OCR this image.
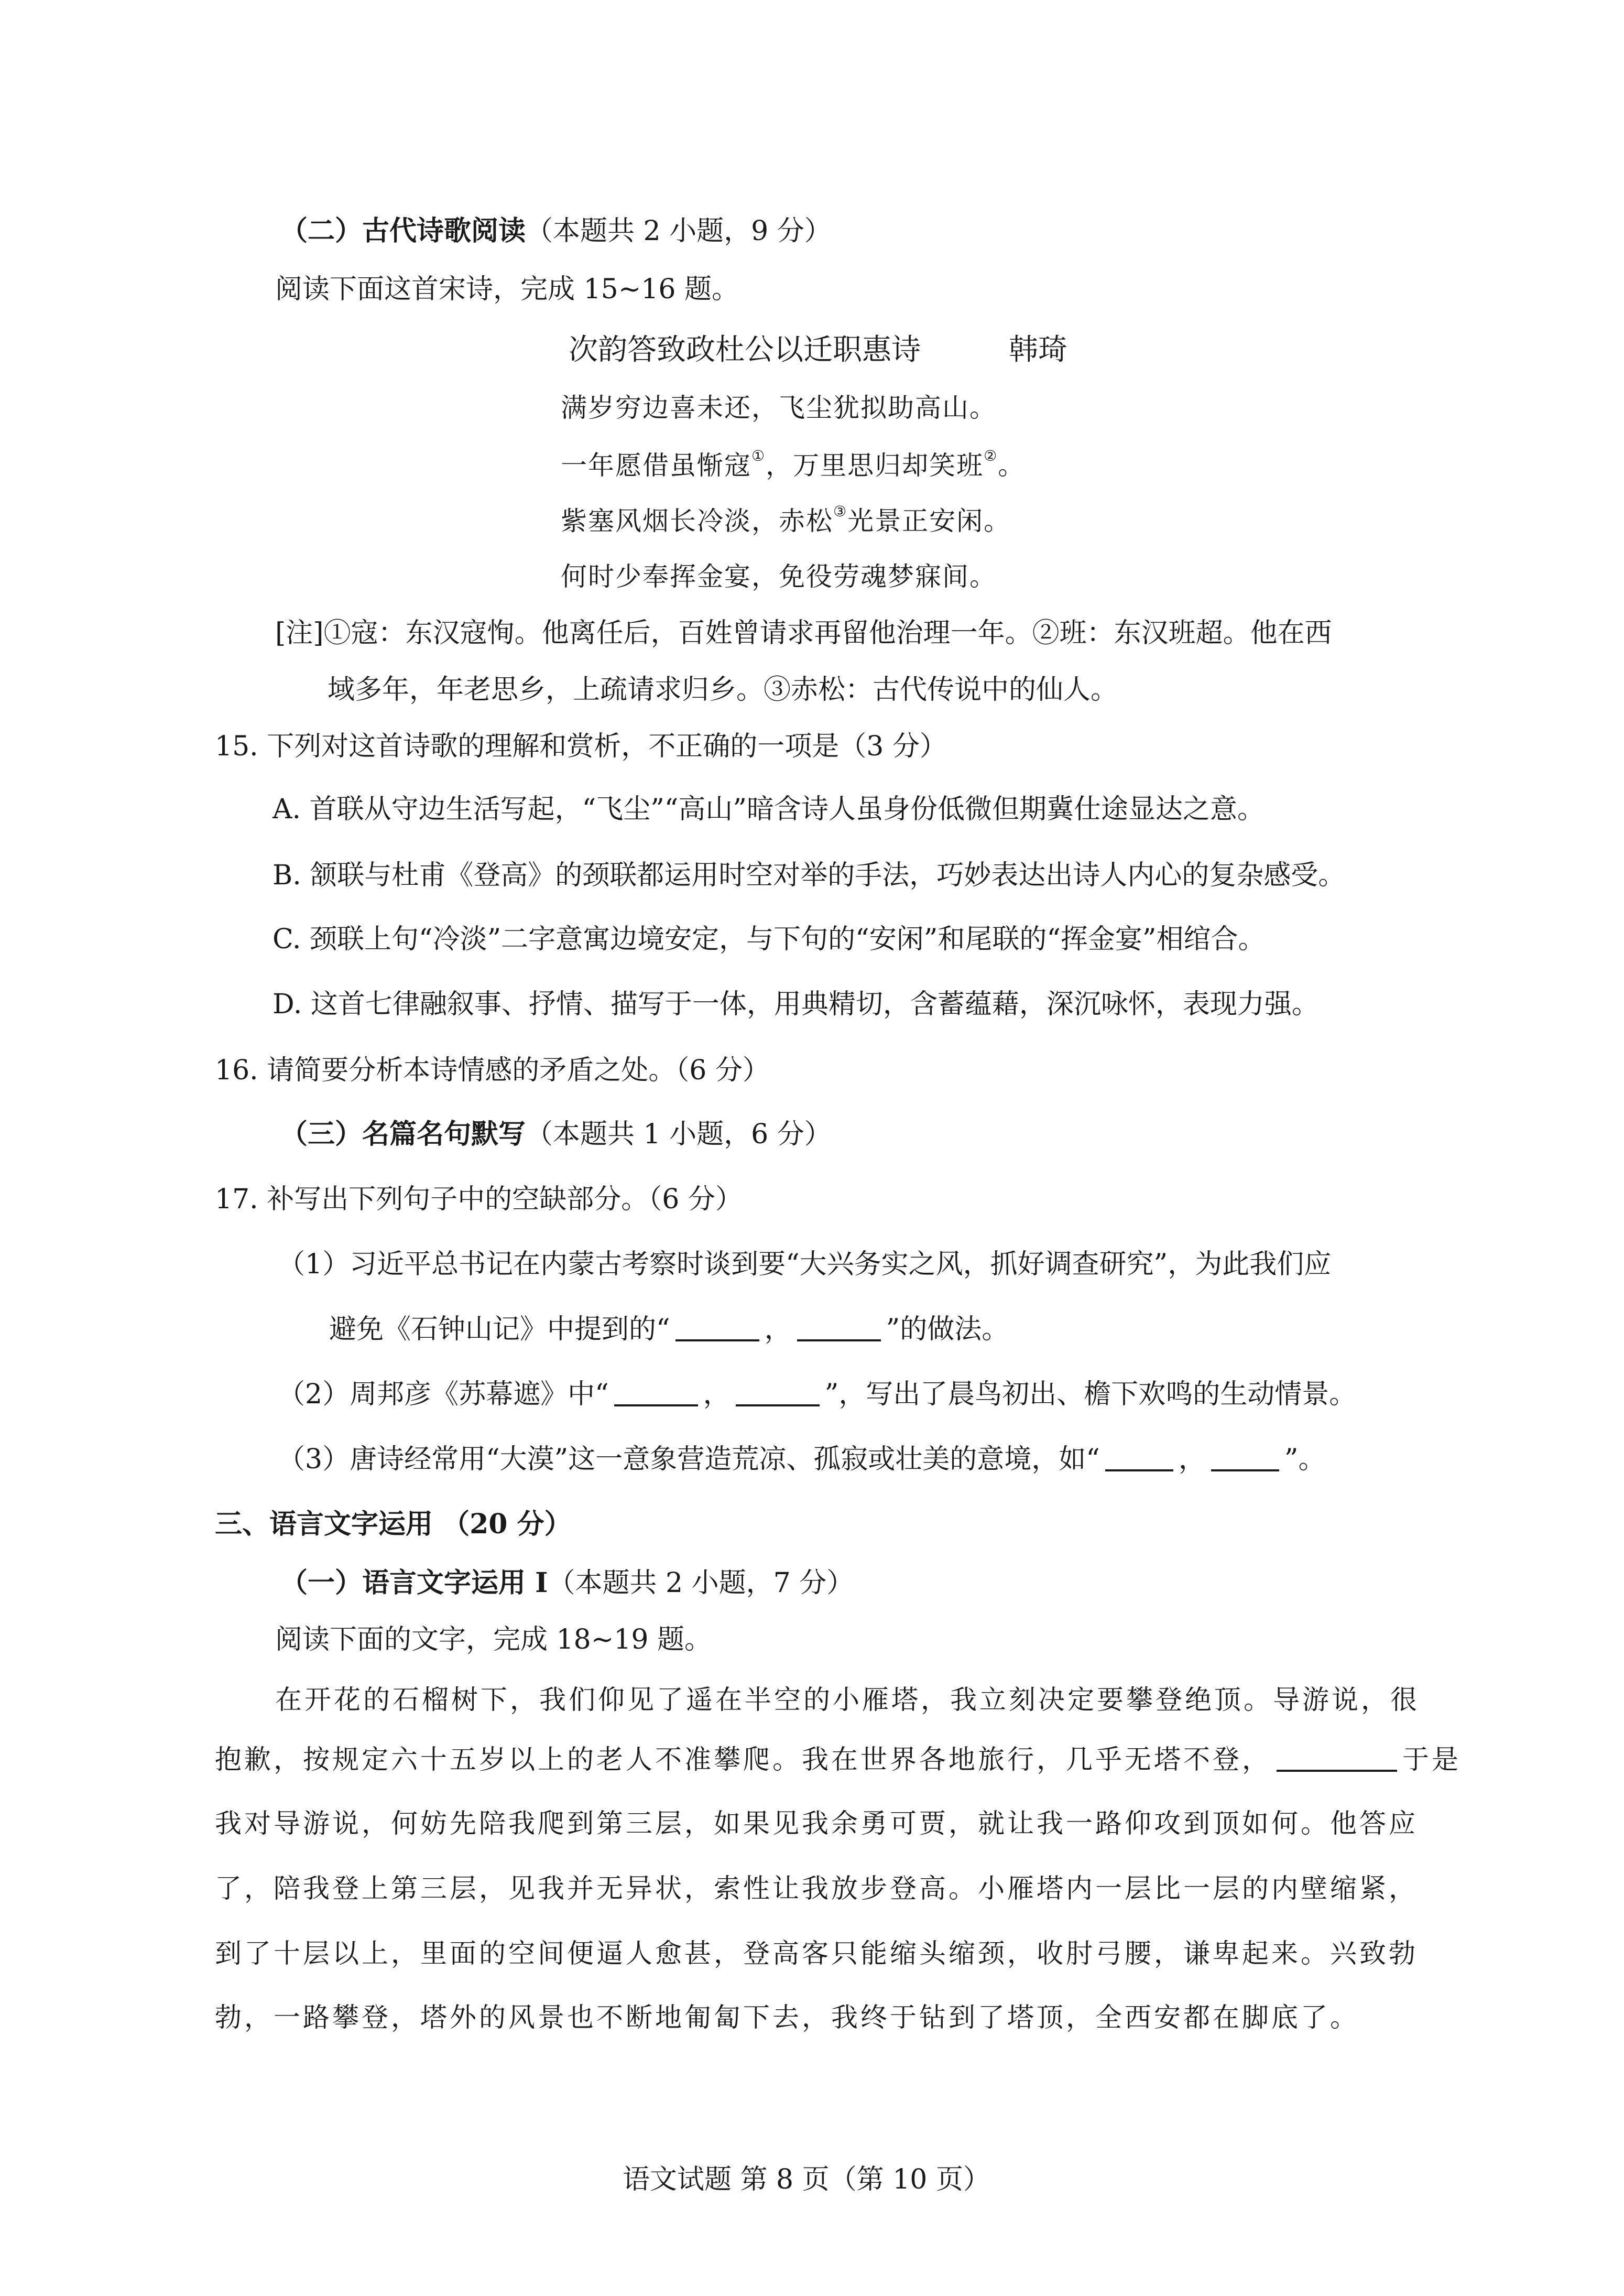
（二）古代诗歌阅读（本题共 2 小题，9 分）
阅读下面这首宋诗，完成 15~16 题。
次韵答致政杜公以迁职惠诗	韩琦
满岁穷边喜未还，飞尘犹拟助高山。
一年愿借虽惭寇①，万里思归却笑班②。
紫塞风烟长冷淡，赤松③光景正安闲。
何时少奉挥金宴，免役劳魂梦寐间。
[注]①寇：东汉寇恂。他离任后，百姓曾请求再留他治理一年。②班：东汉班超。他在西
域多年，年老思乡，上疏请求归乡。③赤松：古代传说中的仙人。
15. 下列对这首诗歌的理解和赏析，不正确的一项是（3 分）
A. 首联从守边生活写起，“飞尘”“高山”暗含诗人虽身份低微但期冀仕途显达之意。
B. 颔联与杜甫《登高》的颈联都运用时空对举的手法，巧妙表达出诗人内心的复杂感受。
C. 颈联上句“冷淡”二字意寓边境安定，与下句的“安闲”和尾联的“挥金宴”相绾合。
D. 这首七律融叙事、抒情、描写于一体，用典精切，含蓄蕴藉，深沉咏怀，表现力强。
16. 请简要分析本诗情感的矛盾之处。（6 分）
（三）名篇名句默写（本题共 1 小题，6 分）
17. 补写出下列句子中的空缺部分。（6 分）
（1）习近平总书记在内蒙古考察时谈到要“大兴务实之风，抓好调查研究”，为此我们应
避免《石钟山记》中提到的“	，	”的做法。
（2）周邦彦《苏幕遮》中“	，	”，写出了晨鸟初出、檐下欢鸣的生动情景。
（3）唐诗经常用“大漠”这一意象营造荒凉、孤寂或壮美的意境，如“	，	”。
三、语言文字运用 （20 分）
（一）语言文字运用 Ⅰ（本题共 2 小题，7 分）
阅读下面的文字，完成 18~19 题。
在开花的石榴树下，我们仰见了遥在半空的小雁塔，我立刻决定要攀登绝顶。导游说，很
抱歉，按规定六十五岁以上的老人不准攀爬。我在世界各地旅行，几乎无塔不登，	于是
我对导游说，何妨先陪我爬到第三层，如果见我余勇可贾，就让我一路仰攻到顶如何。他答应
了，陪我登上第三层，见我并无异状，索性让我放步登高。小雁塔内一层比一层的内壁缩紧，
到了十层以上，里面的空间便逼人愈甚，登高客只能缩头缩颈，收肘弓腰，谦卑起来。兴致勃
勃，一路攀登，塔外的风景也不断地匍匐下去，我终于钻到了塔顶，全西安都在脚底了。
语文试题 第 8 页（第 10 页）
